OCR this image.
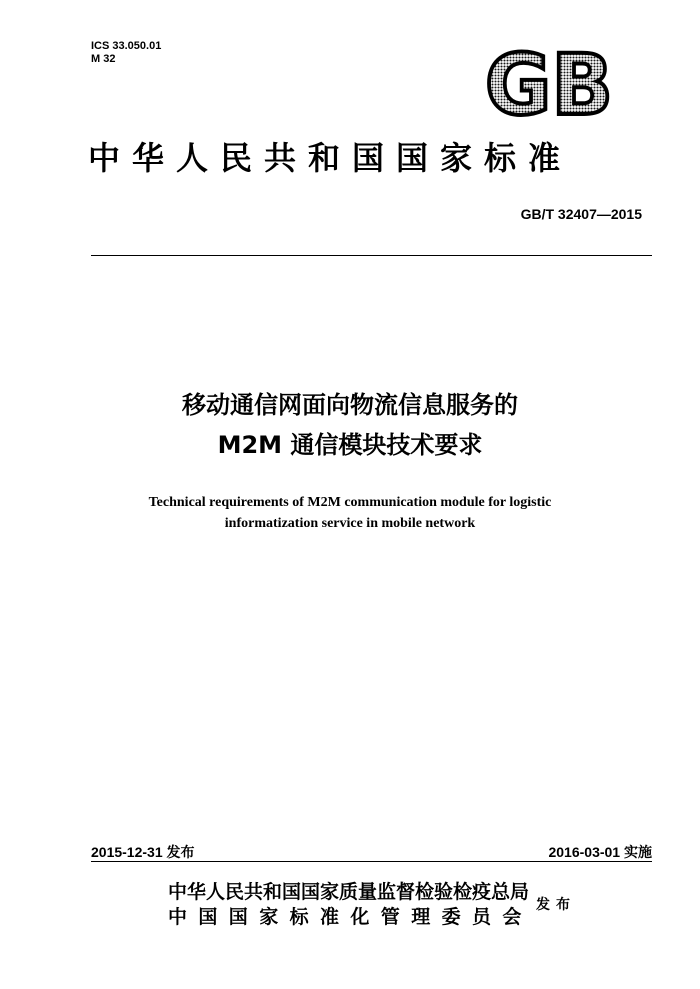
ICS 33.050.01
M 32	GB
中华人民共和国国家标准
GB/T 32407—2015
移动通信网面向物流信息服务的
M2M 通信模块技术要求
Technical requirements of M2M communication module for logistic
informatization service in mobile network
2015-12-31 发布	2016-03-01 实施
中华人民共和国国家质量监督检验检疫总局
中国国家标准化管理委员会
发布
